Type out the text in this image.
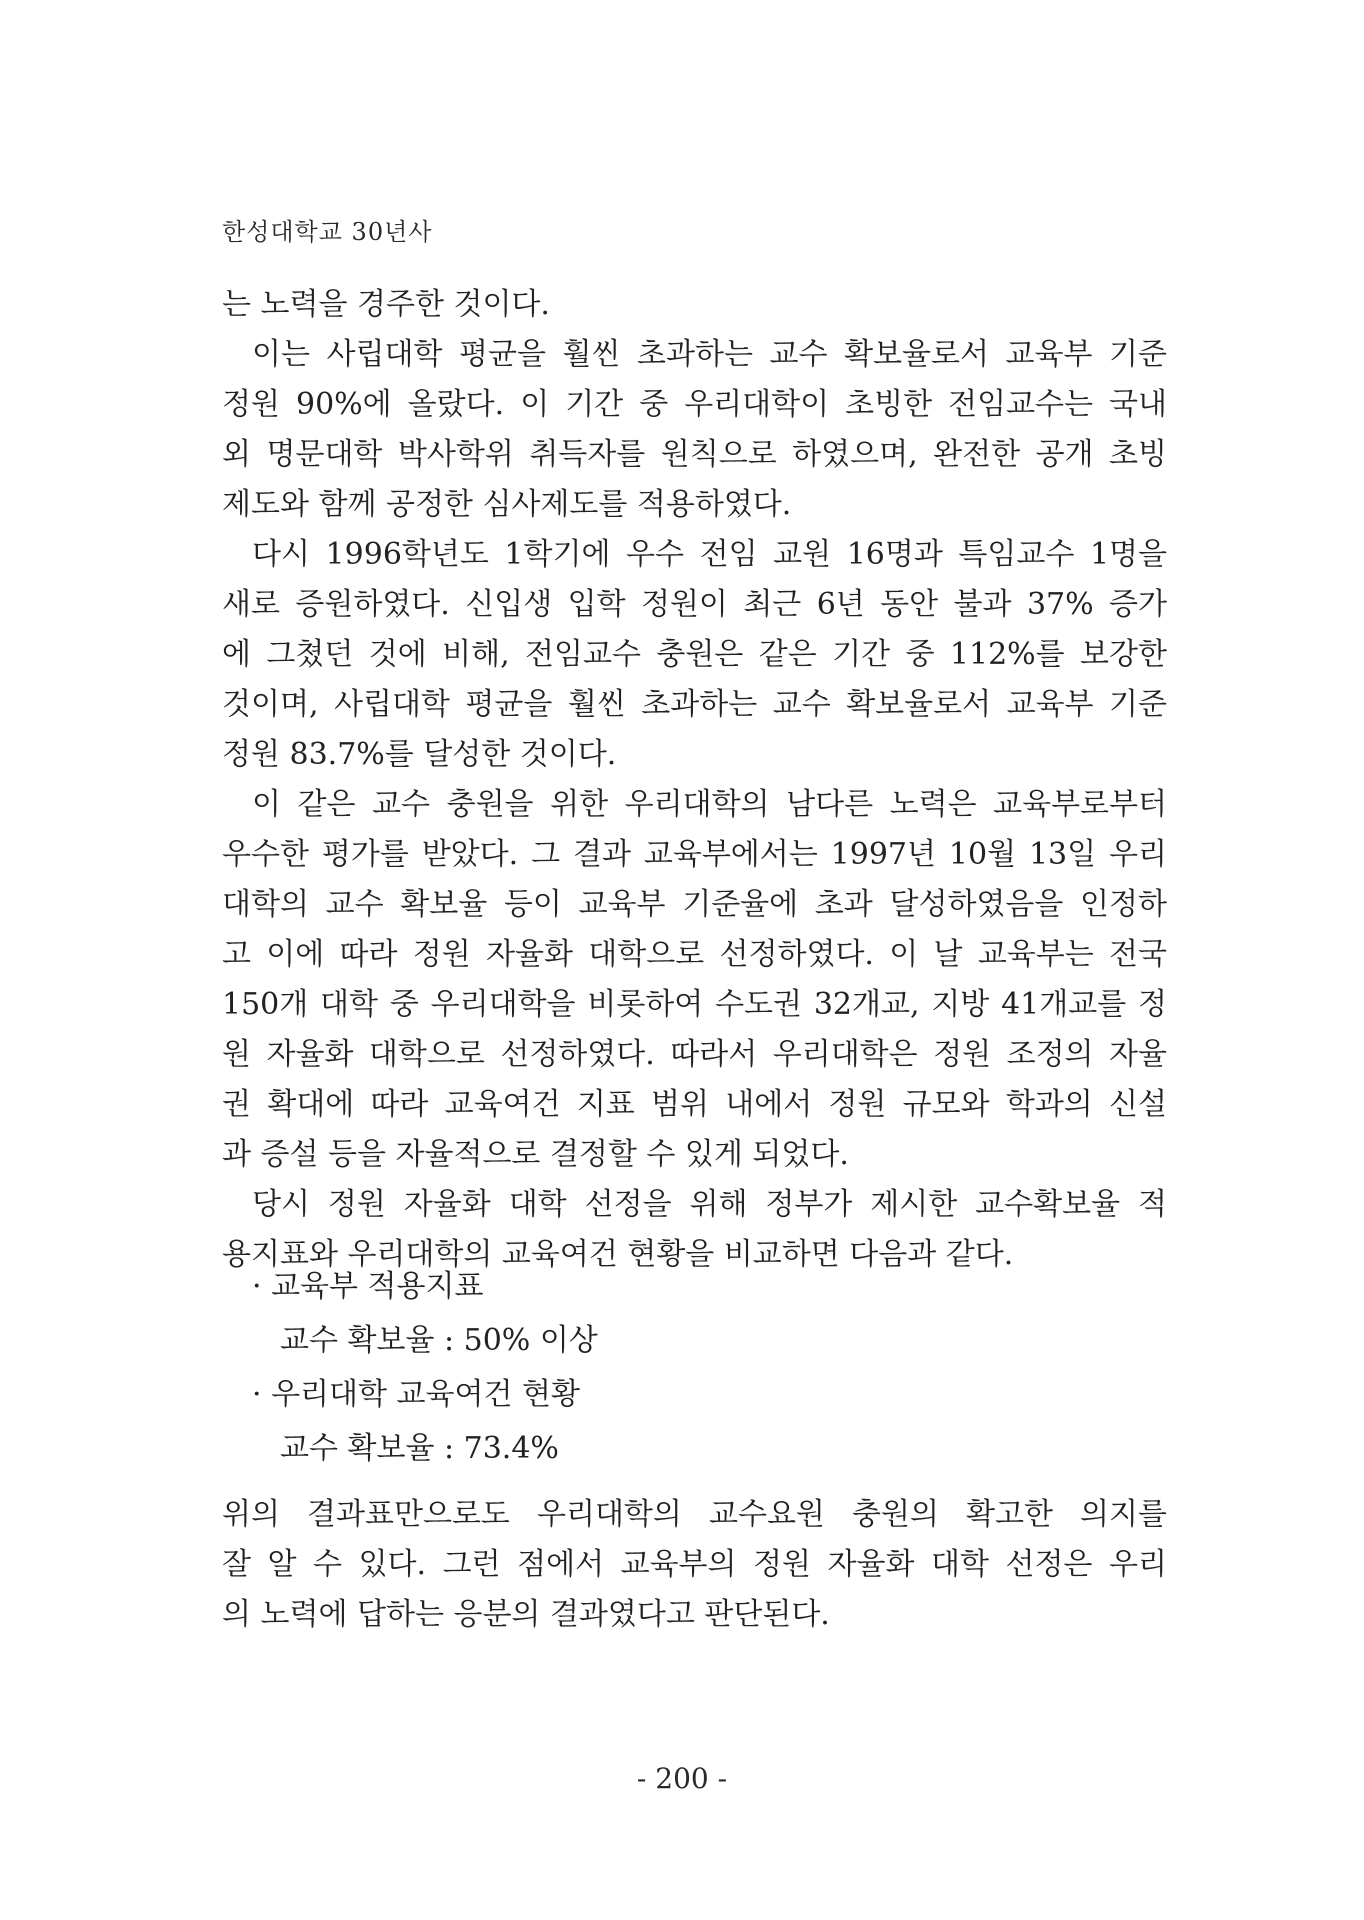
한성대학교 30년사
는 노력을 경주한 것이다.
이는 사립대학 평균을 훨씬 초과하는 교수 확보율로서 교육부 기준
정원 90%에 올랐다. 이 기간 중 우리대학이 초빙한 전임교수는 국내
외 명문대학 박사학위 취득자를 원칙으로 하였으며, 완전한 공개 초빙
제도와 함께 공정한 심사제도를 적용하였다.
다시 1996학년도 1학기에 우수 전임 교원 16명과 특임교수 1명을
새로 증원하였다. 신입생 입학 정원이 최근 6년 동안 불과 37% 증가
에 그쳤던 것에 비해, 전임교수 충원은 같은 기간 중 112%를 보강한
것이며, 사립대학 평균을 훨씬 초과하는 교수 확보율로서 교육부 기준
정원 83.7%를 달성한 것이다.
이 같은 교수 충원을 위한 우리대학의 남다른 노력은 교육부로부터
우수한 평가를 받았다. 그 결과 교육부에서는 1997년 10월 13일 우리
대학의 교수 확보율 등이 교육부 기준율에 초과 달성하였음을 인정하
고 이에 따라 정원 자율화 대학으로 선정하였다. 이 날 교육부는 전국
150개 대학 중 우리대학을 비롯하여 수도권 32개교, 지방 41개교를 정
원 자율화 대학으로 선정하였다. 따라서 우리대학은 정원 조정의 자율
권 확대에 따라 교육여건 지표 범위 내에서 정원 규모와 학과의 신설
과 증설 등을 자율적으로 결정할 수 있게 되었다.
당시 정원 자율화 대학 선정을 위해 정부가 제시한 교수확보율 적
용지표와 우리대학의 교육여건 현황을 비교하면 다음과 같다.
· 교육부 적용지표
교수 확보율 : 50% 이상
· 우리대학 교육여건 현황
교수 확보율 : 73.4%
위의 결과표만으로도 우리대학의 교수요원 충원의 확고한 의지를
잘 알 수 있다. 그런 점에서 교육부의 정원 자율화 대학 선정은 우리
의 노력에 답하는 응분의 결과였다고 판단된다.
- 200 -
